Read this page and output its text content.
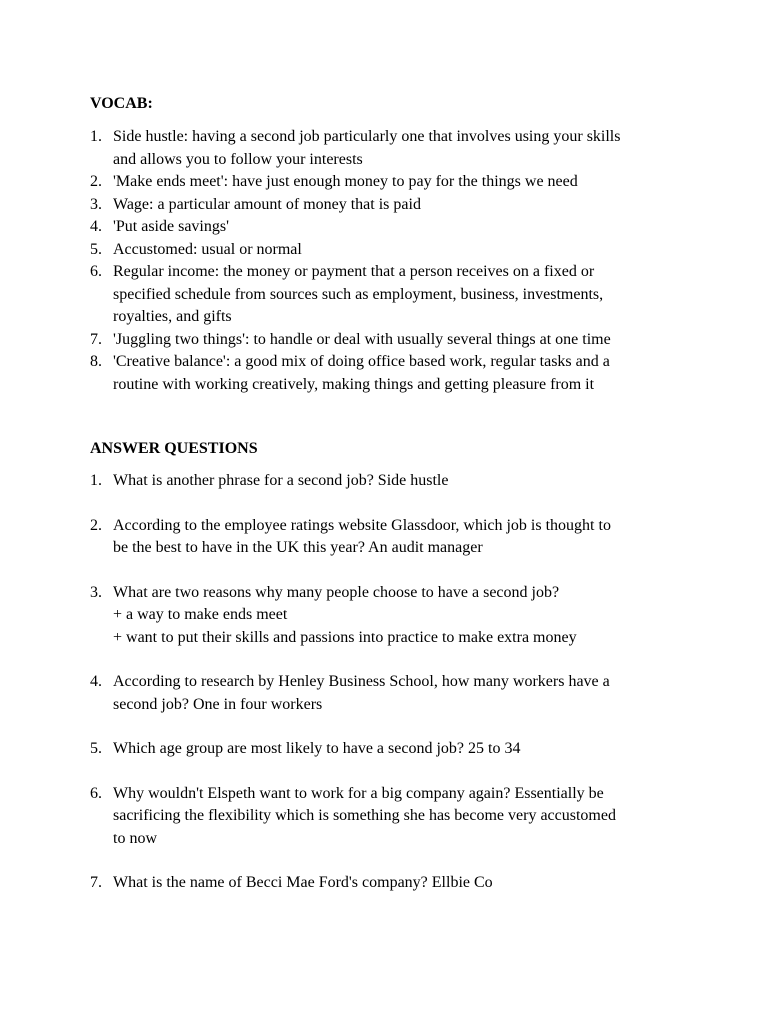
VOCAB:
1. Side hustle: having a second job particularly one that involves using your skills
and allows you to follow your interests
2. 'Make ends meet': have just enough money to pay for the things we need
3. Wage: a particular amount of money that is paid
4. 'Put aside savings'
5. Accustomed: usual or normal
6. Regular income: the money or payment that a person receives on a fixed or
specified schedule from sources such as employment, business, investments,
royalties, and gifts
7. 'Juggling two things': to handle or deal with usually several things at one time
8. 'Creative balance': a good mix of doing office based work, regular tasks and a
routine with working creatively, making things and getting pleasure from it
ANSWER QUESTIONS
1. What is another phrase for a second job? Side hustle
2. According to the employee ratings website Glassdoor, which job is thought to
be the best to have in the UK this year? An audit manager
3. What are two reasons why many people choose to have a second job?
+ a way to make ends meet
+ want to put their skills and passions into practice to make extra money
4. According to research by Henley Business School, how many workers have a
second job? One in four workers
5. Which age group are most likely to have a second job? 25 to 34
6. Why wouldn't Elspeth want to work for a big company again? Essentially be
sacrificing the flexibility which is something she has become very accustomed
to now
7. What is the name of Becci Mae Ford's company? Ellbie Co
